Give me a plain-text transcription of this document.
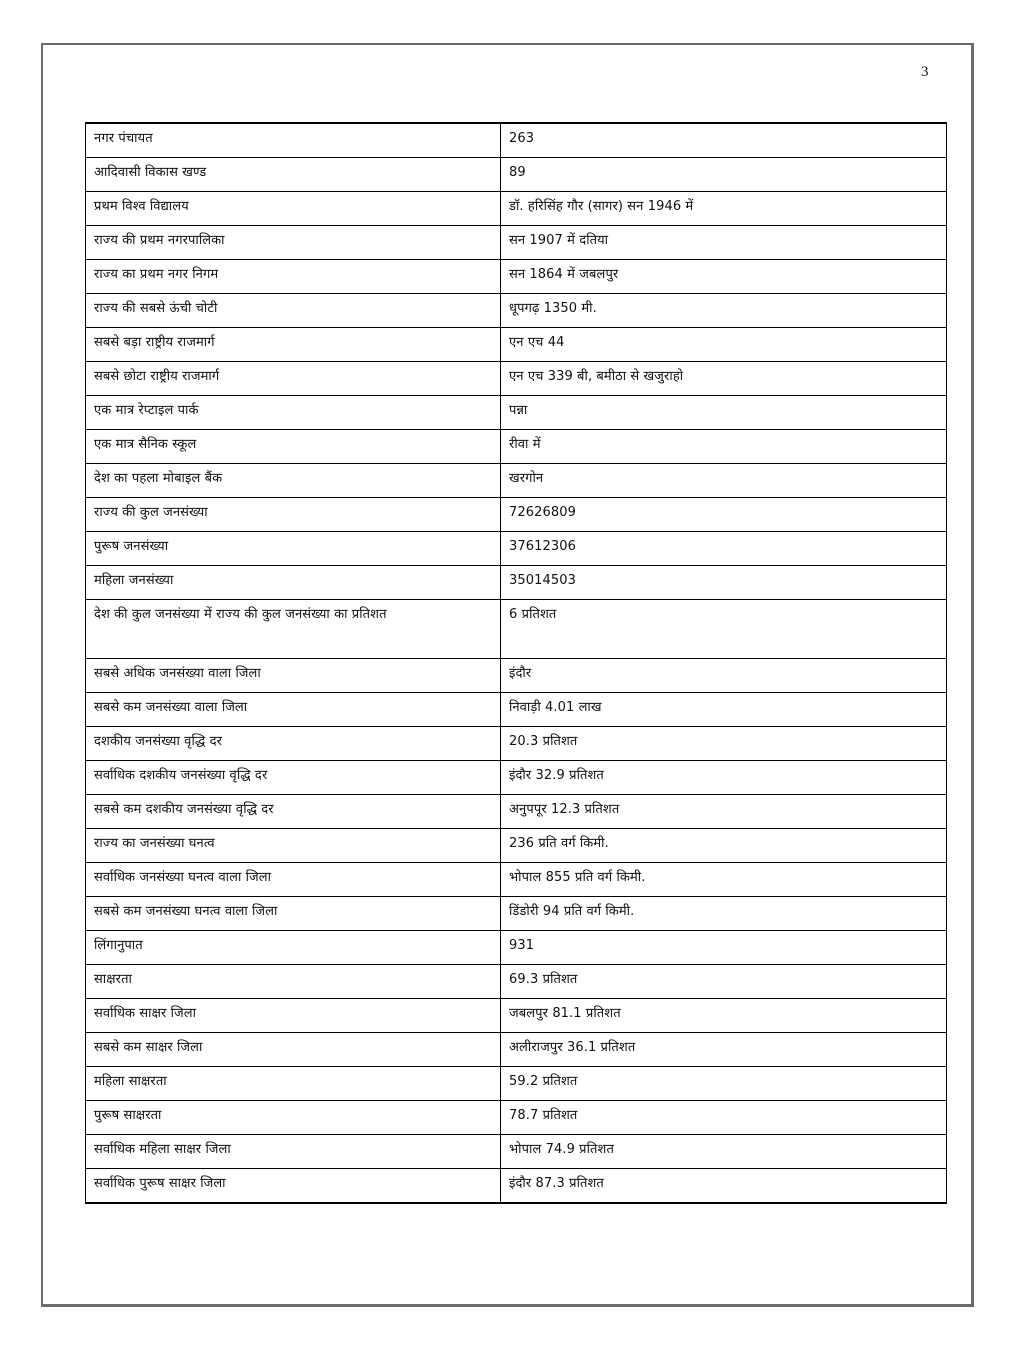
3
नगर पंचायत	263
आदिवासी विकास खण्ड	89
प्रथम विश्व विद्यालय	डॉ. हरिसिंह गौर (सागर) सन 1946 में
राज्य की प्रथम नगरपालिका	सन 1907 में दतिया
राज्य का प्रथम नगर निगम	सन 1864 में जबलपुर
राज्य की सबसे ऊंची चोटी	धूपगढ़ 1350 मी.
सबसे बड़ा राष्ट्रीय राजमार्ग	एन एच 44
सबसे छोटा राष्ट्रीय राजमार्ग	एन एच 339 बी, बमीठा से खजुराहो
एक मात्र रेप्टाइल पार्क	पन्ना
एक मात्र सैनिक स्कूल	रीवा में
देश का पहला मोबाइल बैंक	खरगोन
राज्य की कुल जनसंख्या	72626809
पुरूष जनसंख्या	37612306
महिला जनसंख्या	35014503
देश की कुल जनसंख्या में राज्य की कुल जनसंख्या का प्रतिशत	6 प्रतिशत
सबसे अधिक जनसंख्या वाला जिला	इंदौर
सबसे कम जनसंख्या वाला जिला	निवाड़ी 4.01 लाख
दशकीय जनसंख्या वृद्धि दर	20.3 प्रतिशत
सर्वाधिक दशकीय जनसंख्या वृद्धि दर	इंदौर 32.9 प्रतिशत
सबसे कम दशकीय जनसंख्या वृद्धि दर	अनुपपूर 12.3 प्रतिशत
राज्य का जनसंख्या घनत्व	236 प्रति वर्ग किमी.
सर्वाधिक जनसंख्या घनत्व वाला जिला	भोपाल 855 प्रति वर्ग किमी.
सबसे कम जनसंख्या घनत्व वाला जिला	डिंडोरी 94 प्रति वर्ग किमी.
लिंगानुपात	931
साक्षरता	69.3 प्रतिशत
सर्वाधिक साक्षर जिला	जबलपुर 81.1 प्रतिशत
सबसे कम साक्षर जिला	अलीराजपुर 36.1 प्रतिशत
महिला साक्षरता	59.2 प्रतिशत
पुरूष साक्षरता	78.7 प्रतिशत
सर्वाधिक महिला साक्षर जिला	भोपाल 74.9 प्रतिशत
सर्वाधिक पुरूष साक्षर जिला	इंदौर 87.3 प्रतिशत
